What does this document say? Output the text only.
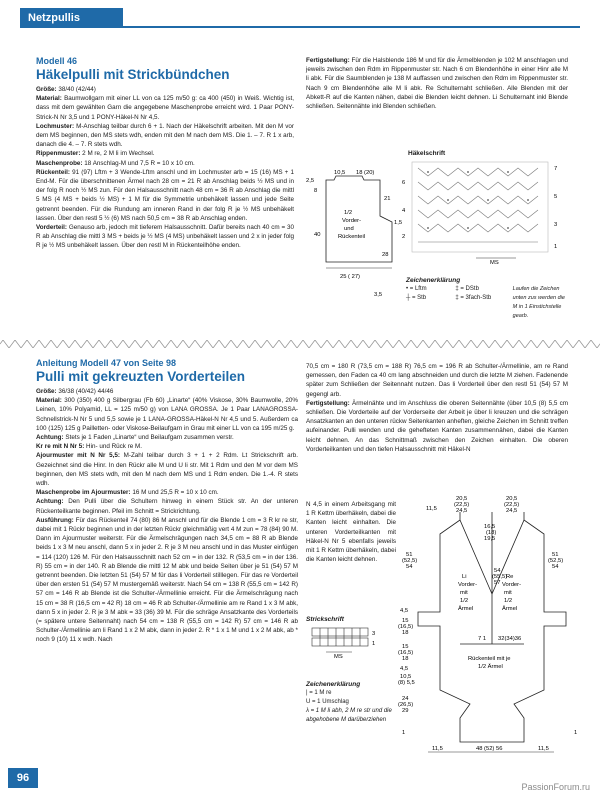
Netzpullis
Modell 46
Häkelpulli mit Strickbündchen

Größe: 38/40 (42/44)

Material: Baumwollgarn mit einer LL von ca 125 m/50 g: ca 400 (450) in Weiß. Wichtig ist, dass mit dem gewählten Garn die angegebene Maschenprobe erreicht wird. 1 Paar PONY-Strick-N Nr 3,5 und 1 PONY-Häkel-N Nr 4,5.

Lochmuster: M-Anschlag teilbar durch 6 + 1. Nach der Häkelschrift arbeiten. Mit den M vor dem MS beginnen, den MS stets wdh, enden mit den M nach dem MS. Die 1. – 7. R 1 x arb, danach die 4. – 7. R stets wdh.

Rippenmuster: 2 M re, 2 M li im Wechsel.

Maschenprobe: 18 Anschlag-M und 7,5 R = 10 x 10 cm.

Rückenteil: 91 (97) Lftm + 3 Wende-Lftm anschl und im Lochmuster arb = 15 (16) MS + 1 End-M. Für die überschnittenen Ärmel nach 28 cm = 21 R ab Anschlag beids ½ MS und in der folg R noch ½ MS zun. Für den Halsausschnitt nach 48 cm = 36 R ab Anschlag die mittl 5 MS (4 MS + beids ½ MS) + 1 M für die Symmetrie unbehäkelt lassen und jede Seite getrennt beenden. Für die Rundung am inneren Rand in der folg R je ½ MS unbehäkelt lassen. Über den restl 5 ½ (6) MS nach 50,5 cm = 38 R ab Anschlag enden.

Vorderteil: Genauso arb, jedoch mit tieferem Halsausschnitt. Dafür bereits nach 40 cm = 30 R ab Anschlag die mittl 3 MS + beids je ½ MS (4 MS) unbehäkelt lassen und 2 x in jeder folg R je ½ MS unbehäkelt lassen. Über den restl M in Rückenteilhöhe enden.

Fertigstellung: Für die Halsblende 186 M und für die Ärmelblenden je 102 M anschlagen und jeweils zwischen den Rdm im Rippenmuster str. Nach 6 cm Blendenhöhe in einer Hinr alle M li abk. Für die Saumblenden je 138 M auffassen und zwischen den Rdm im Rippenmuster str. Nach 9 cm Blendenhöhe alle M li abk. Re Schulternaht schließen. Alle Blenden mit der Abkett-R auf die Kanten nähen, dabei die Blenden leicht dehnen. Li Schulternaht inkl Blende schließen. Seitennähte inkl Blenden schließen.

Häkelschrift
MS
7
6
5
4
3
2
1
10,5 18 (20)
2,5
8
21
1,5
40
28
1/2
Vorder-
und
Rückenteil
25 ( 27)
3,5
Zeichenerklärung
• = Lftm
┼ = Stb
‡ = DStb
‡ = 3fach-Stb
Laufen die Zeichen unten zus werden die M in 1 Einstichstelle gearb.
Anleitung Modell 47 von Seite 98
Pulli mit gekreuzten Vorderteilen

Größe: 36/38 (40/42) 44/46

Material: 300 (350) 400 g Silbergrau (Fb 60) „Linarte“ (40% Viskose, 30% Baumwolle, 20% Leinen, 10% Polyamid, LL = 125 m/50 g) von LANA GROSSA. Je 1 Paar LANAGROSSA-Schnellstrick-N Nr 5 und 5,5 sowie je 1 LANA-GROSSA-Häkel-N Nr 4,5 und 5. Außerdem ca 100 (125) 125 g Pailletten- oder Viskose-Beilaufgarn in Grau mit einer LL von ca 195 m/25 g.

Achtung: Stets je 1 Faden „Linarte“ und Beilaufgarn zusammen verstr.

Kr re mit N Nr 5: Hin- und Rück re M.

Ajourmuster mit N Nr 5,5: M-Zahl teilbar durch 3 + 1 + 2 Rdm. Lt Strickschrift arb. Gezeichnet sind die Hinr. In den Rückr alle M und U li str. Mit 1 Rdm und den M vor dem MS beginnen, den MS stets wdh, mit den M nach dem MS und 1 Rdm enden. Die 1.-4. R stets wdh.

Maschenprobe im Ajourmuster: 16 M und 25,5 R = 10 x 10 cm.

Achtung: Den Pulli über die Schultern hinweg in einem Stück str. An der unteren Rückenteilkante beginnen. Pfeil im Schnitt = Strickrichtung.

Ausführung: Für das Rückenteil 74 (80) 86 M anschl und für die Blende 1 cm = 3 R kr re str, dabei mit 1 Rückr beginnen und in der letzten Rückr gleichmäßig vert 4 M zun = 78 (84) 90 M. Dann im Ajourmuster weiterstr. Für die Ärmelschrägungen nach 34,5 cm = 88 R ab Blende beids 1 x 3 M neu anschl, dann 5 x in jeder 2. R je 3 M neu anschl und in das Muster einfügen = 114 (120) 126 M. Für den Halsausschnitt nach 52 cm = in der 132. R (53,5 cm = in der 136. R) 55 cm = in der 140. R ab Blende die mittl 12 M abk und beide Seiten über je 51 (54) 57 M getrennt beenden. Die letzten 51 (54) 57 M für das li Vorderteil stilllegen. Für das re Vorderteil über den ersten 51 (54) 57 M mustergemäß weiterstr. Nach 54 cm = 138 R (55,5 cm = 142 R) 57 cm = 146 R ab Blende ist die Schulter-/Ärmellinie erreicht. Für die Ärmelschrägung nach 15 cm = 38 R (16,5 cm = 42 R) 18 cm = 46 R ab Schulter-/Ärmellinie am re Rand 1 x 3 M abk, dann 5 x in jeder 2. R je 3 M abk = 33 (36) 39 M. Für die schräge Ansatzkante des Vorderteils (= spätere untere Seitennaht) nach 54 cm = 138 R (55,5 cm = 142 R) 57 cm = 146 R ab Schulter-/Ärmellinie am li Rand 1 x 2 M abk, dann in jeder 2. R * 1 x 1 M und 1 x 2 M abk, ab * noch 9 (10) 11 x wdh. Nach

70,5 cm = 180 R (73,5 cm = 188 R) 76,5 cm = 196 R ab Schulter-/Ärmellinie, am re Rand gemessen, den Faden ca 40 cm lang abschneiden und durch die letzte M ziehen. Fadenende später zum Schließen der Seitennaht nutzen. Das li Vorderteil über den restl 51 (54) 57 M gegengl arb.

Fertigstellung: Ärmelnähte und im Anschluss die oberen Seitennähte (über 10,5 (8) 5,5 cm schließen. Die Vorderteile auf der Vorderseite der Arbeit je über li kreuzen und die schrägen Ansatzkanten an den unteren rückw Seitenkanten anheften, gleiche Zeichen im Schnitt treffen aufeinander. Pulli wenden und die gehefteten Kanten zusammennähen, dabei die Kanten leicht dehnen. An das Schnittmaß zwischen den Zeichen einhalten. Die oberen Vorderteilkanten und den tiefen Halsausschnitt mit Häkel-N

N 4,5 in einem Arbeitsgang mit 1 R Kettm überhäkeln, dabei die Kanten leicht einhalten. Die unteren Vorderteilkanten mit Häkel-N Nr 5 ebenfalls jeweils mit 1 R Kettm überhäkeln, dabei die Kanten leicht dehnen.

Strickschrift
3
1
MS
Zeichenerklärung
| = 1 M re
U = 1 Umschlag
λ = 1 M li abh, 2 M re str und die abgehobene M darüberziehen
20,5
(22,5)
24,5
20,5
(22,5)
24,5
11,5
16,5
(18)
19,5
51
(52,5)
54
51
(52,5)
54
Li
Vorder-
mit
1/2
Ärmel
Re
Vorder-
mit
1/2
Ärmel
54
(55,5)
57
4,5
15
(16,5)
18
15
(16,5)
18
4,5
10,5
(8) 5,5
24
(26,5)
29
32(34)36
7 1
Rückenteil mit je
1/2 Ärmel
1	1
11,5	48 (52) 56	11,5
96
PassionForum.ru
